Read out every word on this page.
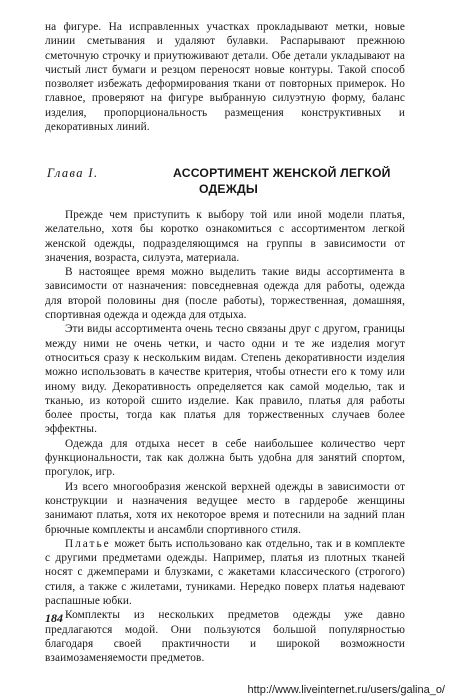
на фигуре. На исправленных участках прокладывают метки, новые линии сметывания и удаляют булавки. Распарывают прежнюю сметочную строчку и приутюживают детали. Обе детали укладывают на чистый лист бумаги и резцом переносят новые контуры. Такой способ позволяет избежать деформирования ткани от повторных примерок. Но главное, проверяют на фигуре выбранную силуэтную форму, баланс изделия, пропорциональность размещения конструктивных и декоративных линий.

Глава I.	АССОРТИМЕНТ ЖЕНСКОЙ ЛЕГКОЙ
ОДЕЖДЫ

Прежде чем приступить к выбору той или иной модели платья, желательно, хотя бы коротко ознакомиться с ассортиментом легкой женской одежды, подразделяющимся на группы в зависимости от значения, возраста, силуэта, материала.

В настоящее время можно выделить такие виды ассортимента в зависимости от назначения: повседневная одежда для работы, одежда для второй половины дня (после работы), торжественная, домашняя, спортивная одежда и одежда для отдыха.

Эти виды ассортимента очень тесно связаны друг с другом, границы между ними не очень четки, и часто одни и те же изделия могут относиться сразу к нескольким видам. Степень декоративности изделия можно использовать в качестве критерия, чтобы отнести его к тому или иному виду. Декоративность определяется как самой моделью, так и тканью, из которой сшито изделие. Как правило, платья для работы более просты, тогда как платья для торжественных случаев более эффектны.

Одежда для отдыха несет в себе наибольшее количество черт функциональности, так как должна быть удобна для занятий спортом, прогулок, игр.

Из всего многообразия женской верхней одежды в зависимости от конструкции и назначения ведущее место в гардеробе женщины занимают платья, хотя их некоторое время и потеснили на задний план брючные комплекты и ансамбли спортивного стиля.

Платье может быть использовано как отдельно, так и в комплекте с другими предметами одежды. Например, платья из плотных тканей носят с джемперами и блузками, с жакетами классического (строгого) стиля, а также с жилетами, туниками. Нередко поверх платья надевают распашные юбки.

Комплекты из нескольких предметов одежды уже давно предлагаются модой. Они пользуются большой популярностью благодаря своей практичности и широкой возможности взаимозаменяемости предметов.

184
http://www.liveinternet.ru/users/galina_o/
